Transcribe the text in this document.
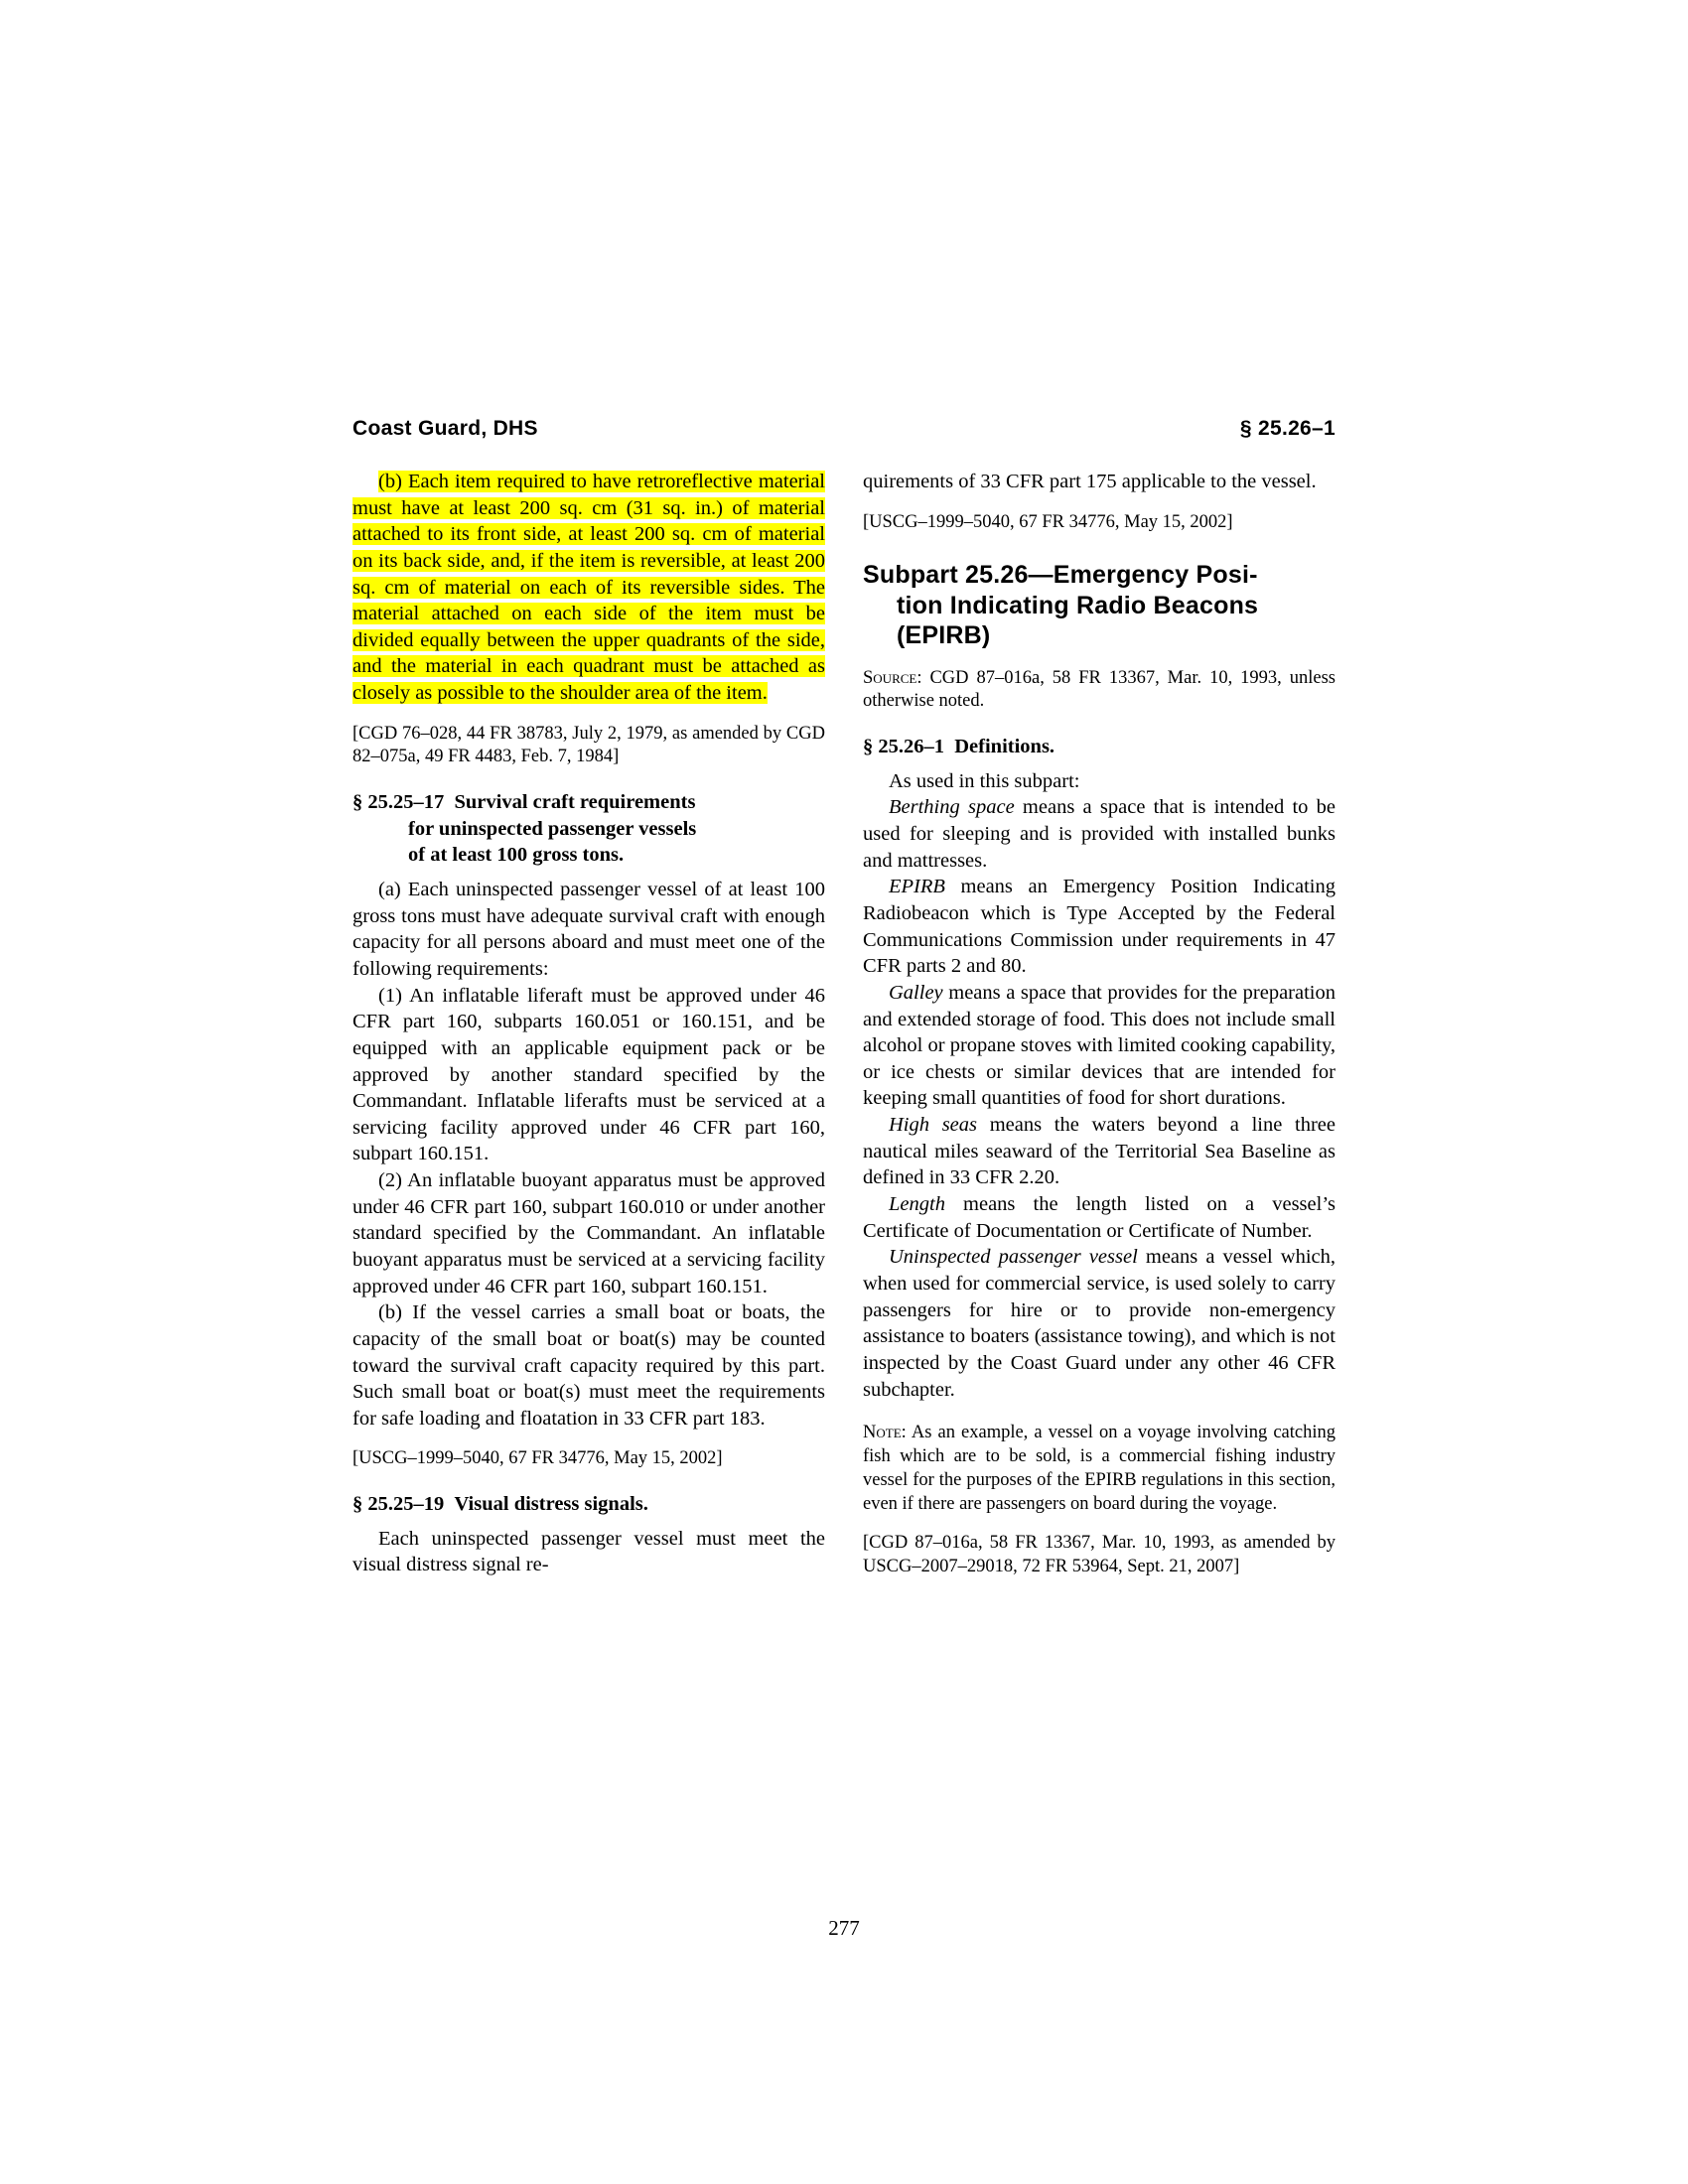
Coast Guard, DHS	§ 25.26–1

(b) Each item required to have retroreflective material must have at least 200 sq. cm (31 sq. in.) of material attached to its front side, at least 200 sq. cm of material on its back side, and, if the item is reversible, at least 200 sq. cm of material on each of its reversible sides. The material attached on each side of the item must be divided equally between the upper quadrants of the side, and the material in each quadrant must be attached as closely as possible to the shoulder area of the item.

[CGD 76–028, 44 FR 38783, July 2, 1979, as amended by CGD 82–075a, 49 FR 4483, Feb. 7, 1984]

§ 25.25–17 Survival craft requirements
for uninspected passenger vessels
of at least 100 gross tons.

(a) Each uninspected passenger vessel of at least 100 gross tons must have adequate survival craft with enough capacity for all persons aboard and must meet one of the following requirements:

(1) An inflatable liferaft must be approved under 46 CFR part 160, subparts 160.051 or 160.151, and be equipped with an applicable equipment pack or be approved by another standard specified by the Commandant. Inflatable liferafts must be serviced at a servicing facility approved under 46 CFR part 160, subpart 160.151.

(2) An inflatable buoyant apparatus must be approved under 46 CFR part 160, subpart 160.010 or under another standard specified by the Commandant. An inflatable buoyant apparatus must be serviced at a servicing facility approved under 46 CFR part 160, subpart 160.151.

(b) If the vessel carries a small boat or boats, the capacity of the small boat or boat(s) may be counted toward the survival craft capacity required by this part. Such small boat or boat(s) must meet the requirements for safe loading and floatation in 33 CFR part 183.

[USCG–1999–5040, 67 FR 34776, May 15, 2002]

§ 25.25–19 Visual distress signals.

Each uninspected passenger vessel must meet the visual distress signal re-

quirements of 33 CFR part 175 applicable to the vessel.

[USCG–1999–5040, 67 FR 34776, May 15, 2002]

Subpart 25.26—Emergency Posi-
tion Indicating Radio Beacons
(EPIRB)

Source: CGD 87–016a, 58 FR 13367, Mar. 10, 1993, unless otherwise noted.

§ 25.26–1 Definitions.

As used in this subpart:

Berthing space means a space that is intended to be used for sleeping and is provided with installed bunks and mattresses.

EPIRB means an Emergency Position Indicating Radiobeacon which is Type Accepted by the Federal Communications Commission under requirements in 47 CFR parts 2 and 80.

Galley means a space that provides for the preparation and extended storage of food. This does not include small alcohol or propane stoves with limited cooking capability, or ice chests or similar devices that are intended for keeping small quantities of food for short durations.

High seas means the waters beyond a line three nautical miles seaward of the Territorial Sea Baseline as defined in 33 CFR 2.20.

Length means the length listed on a vessel’s Certificate of Documentation or Certificate of Number.

Uninspected passenger vessel means a vessel which, when used for commercial service, is used solely to carry passengers for hire or to provide non-emergency assistance to boaters (assistance towing), and which is not inspected by the Coast Guard under any other 46 CFR subchapter.

Note: As an example, a vessel on a voyage involving catching fish which are to be sold, is a commercial fishing industry vessel for the purposes of the EPIRB regulations in this section, even if there are passengers on board during the voyage.

[CGD 87–016a, 58 FR 13367, Mar. 10, 1993, as amended by USCG–2007–29018, 72 FR 53964, Sept. 21, 2007]

277
